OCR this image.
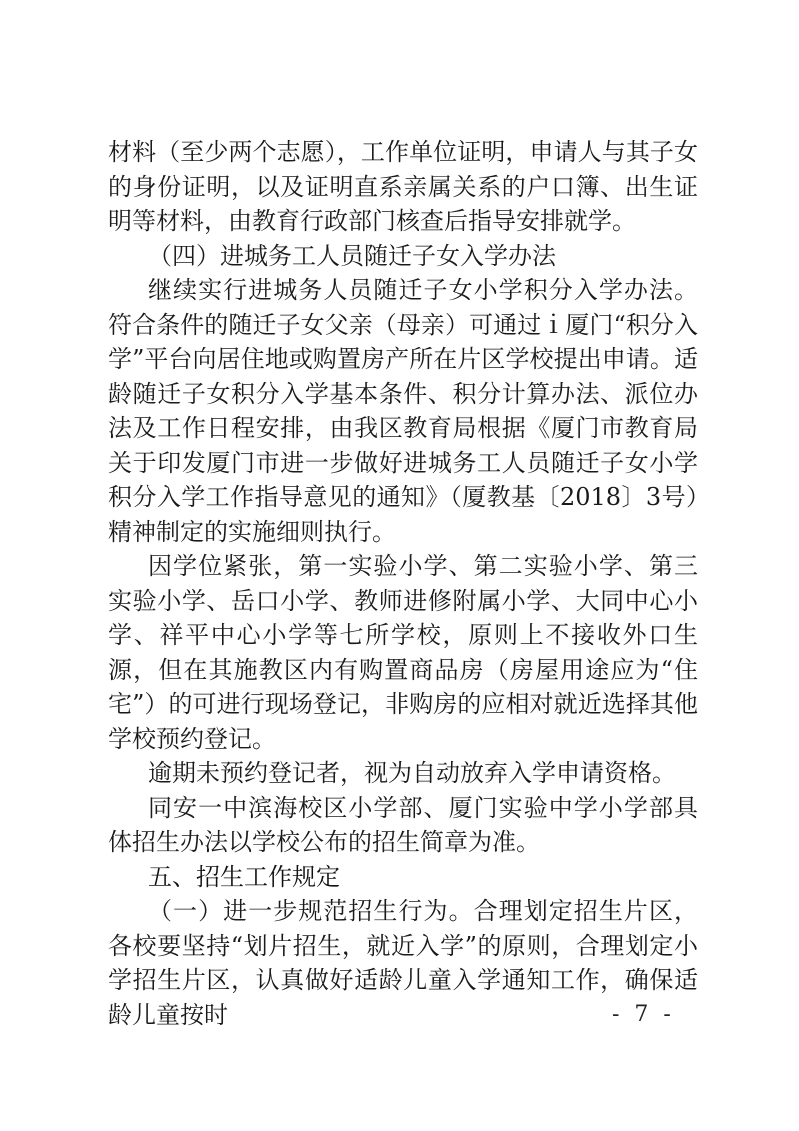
材料（至少两个志愿），工作单位证明，申请人与其子女的身份证明，以及证明直系亲属关系的户口簿、出生证明等材料，由教育行政部门核查后指导安排就学。

（四）进城务工人员随迁子女入学办法

继续实行进城务人员随迁子女小学积分入学办法。符合条件的随迁子女父亲（母亲）可通过ｉ厦门“积分入学”平台向居住地或购置房产所在片区学校提出申请。适龄随迁子女积分入学基本条件、积分计算办法、派位办法及工作日程安排，由我区教育局根据《厦门市教育局关于印发厦门市进一步做好进城务工人员随迁子女小学积分入学工作指导意见的通知》（厦教基〔2018〕3号）精神制定的实施细则执行。

因学位紧张，第一实验小学、第二实验小学、第三实验小学、岳口小学、教师进修附属小学、大同中心小学、祥平中心小学等七所学校，原则上不接收外口生源，但在其施教区内有购置商品房（房屋用途应为“住宅”）的可进行现场登记，非购房的应相对就近选择其他学校预约登记。

逾期未预约登记者，视为自动放弃入学申请资格。

同安一中滨海校区小学部、厦门实验中学小学部具体招生办法以学校公布的招生简章为准。

五、招生工作规定

（一）进一步规范招生行为。合理划定招生片区，各校要坚持“划片招生，就近入学”的原则，合理划定小学招生片区，认真做好适龄儿童入学通知工作，确保适龄儿童按时	- 7 -
